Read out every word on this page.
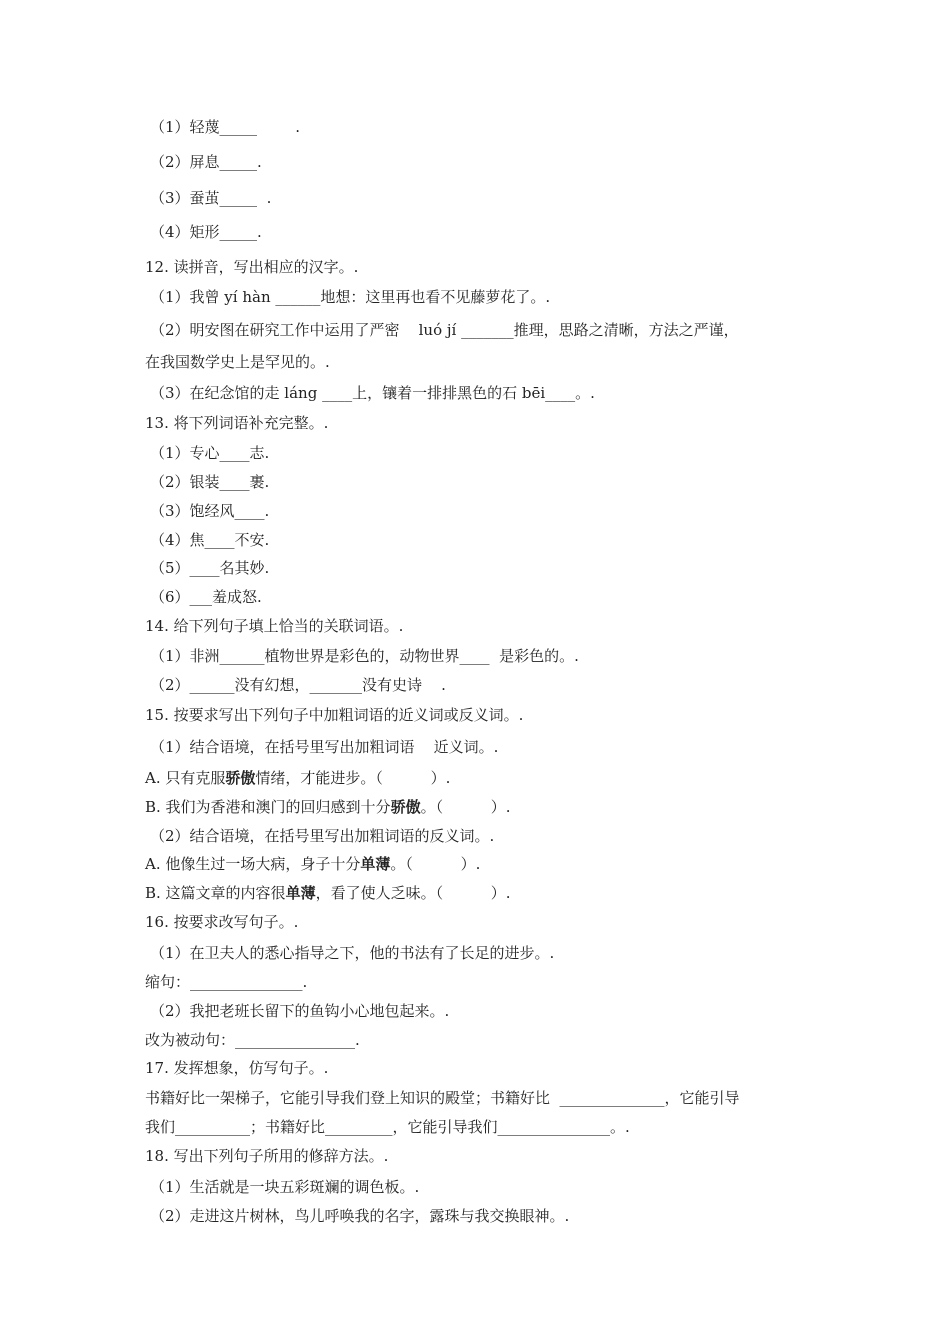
（1）轻蔑_____        .
（2）屏息_____.
（3）蚕茧_____  .
（4）矩形_____.
12. 读拼音，写出相应的汉字。.
（1）我曾 yí hàn ______地想：这里再也看不见藤萝花了。.
（2）明安图在研究工作中运用了严密    luó jí _______推理，思路之清晰，方法之严谨，
在我国数学史上是罕见的。.
（3）在纪念馆的走 láng ____上，镶着一排排黑色的石 bēi____。.
13. 将下列词语补充完整。.
（1）专心____志.
（2）银装____裹.
（3）饱经风____.
（4）焦____不安.
（5）____名其妙.
（6）___羞成怒.
14. 给下列句子填上恰当的关联词语。.
（1）非洲______植物世界是彩色的，动物世界____  是彩色的。.
（2）______没有幻想，_______没有史诗    .
15. 按要求写出下列句子中加粗词语的近义词或反义词。.
（1）结合语境，在括号里写出加粗词语    近义词。.
A. 只有克服骄傲情绪，才能进步。（          ）.
B. 我们为香港和澳门的回归感到十分骄傲。（          ）.
（2）结合语境，在括号里写出加粗词语的反义词。.
A. 他像生过一场大病，身子十分单薄。（          ）.
B. 这篇文章的内容很单薄，看了使人乏味。（          ）.
16. 按要求改写句子。.
（1）在卫夫人的悉心指导之下，他的书法有了长足的进步。.
缩句：_______________.
（2）我把老班长留下的鱼钩小心地包起来。.
改为被动句：________________.
17. 发挥想象，仿写句子。.
书籍好比一架梯子，它能引导我们登上知识的殿堂；书籍好比  ______________，它能引导
我们__________；书籍好比_________，它能引导我们_______________。.
18. 写出下列句子所用的修辞方法。.
（1）生活就是一块五彩斑斓的调色板。.
（2）走进这片树林，鸟儿呼唤我的名字，露珠与我交换眼神。.
